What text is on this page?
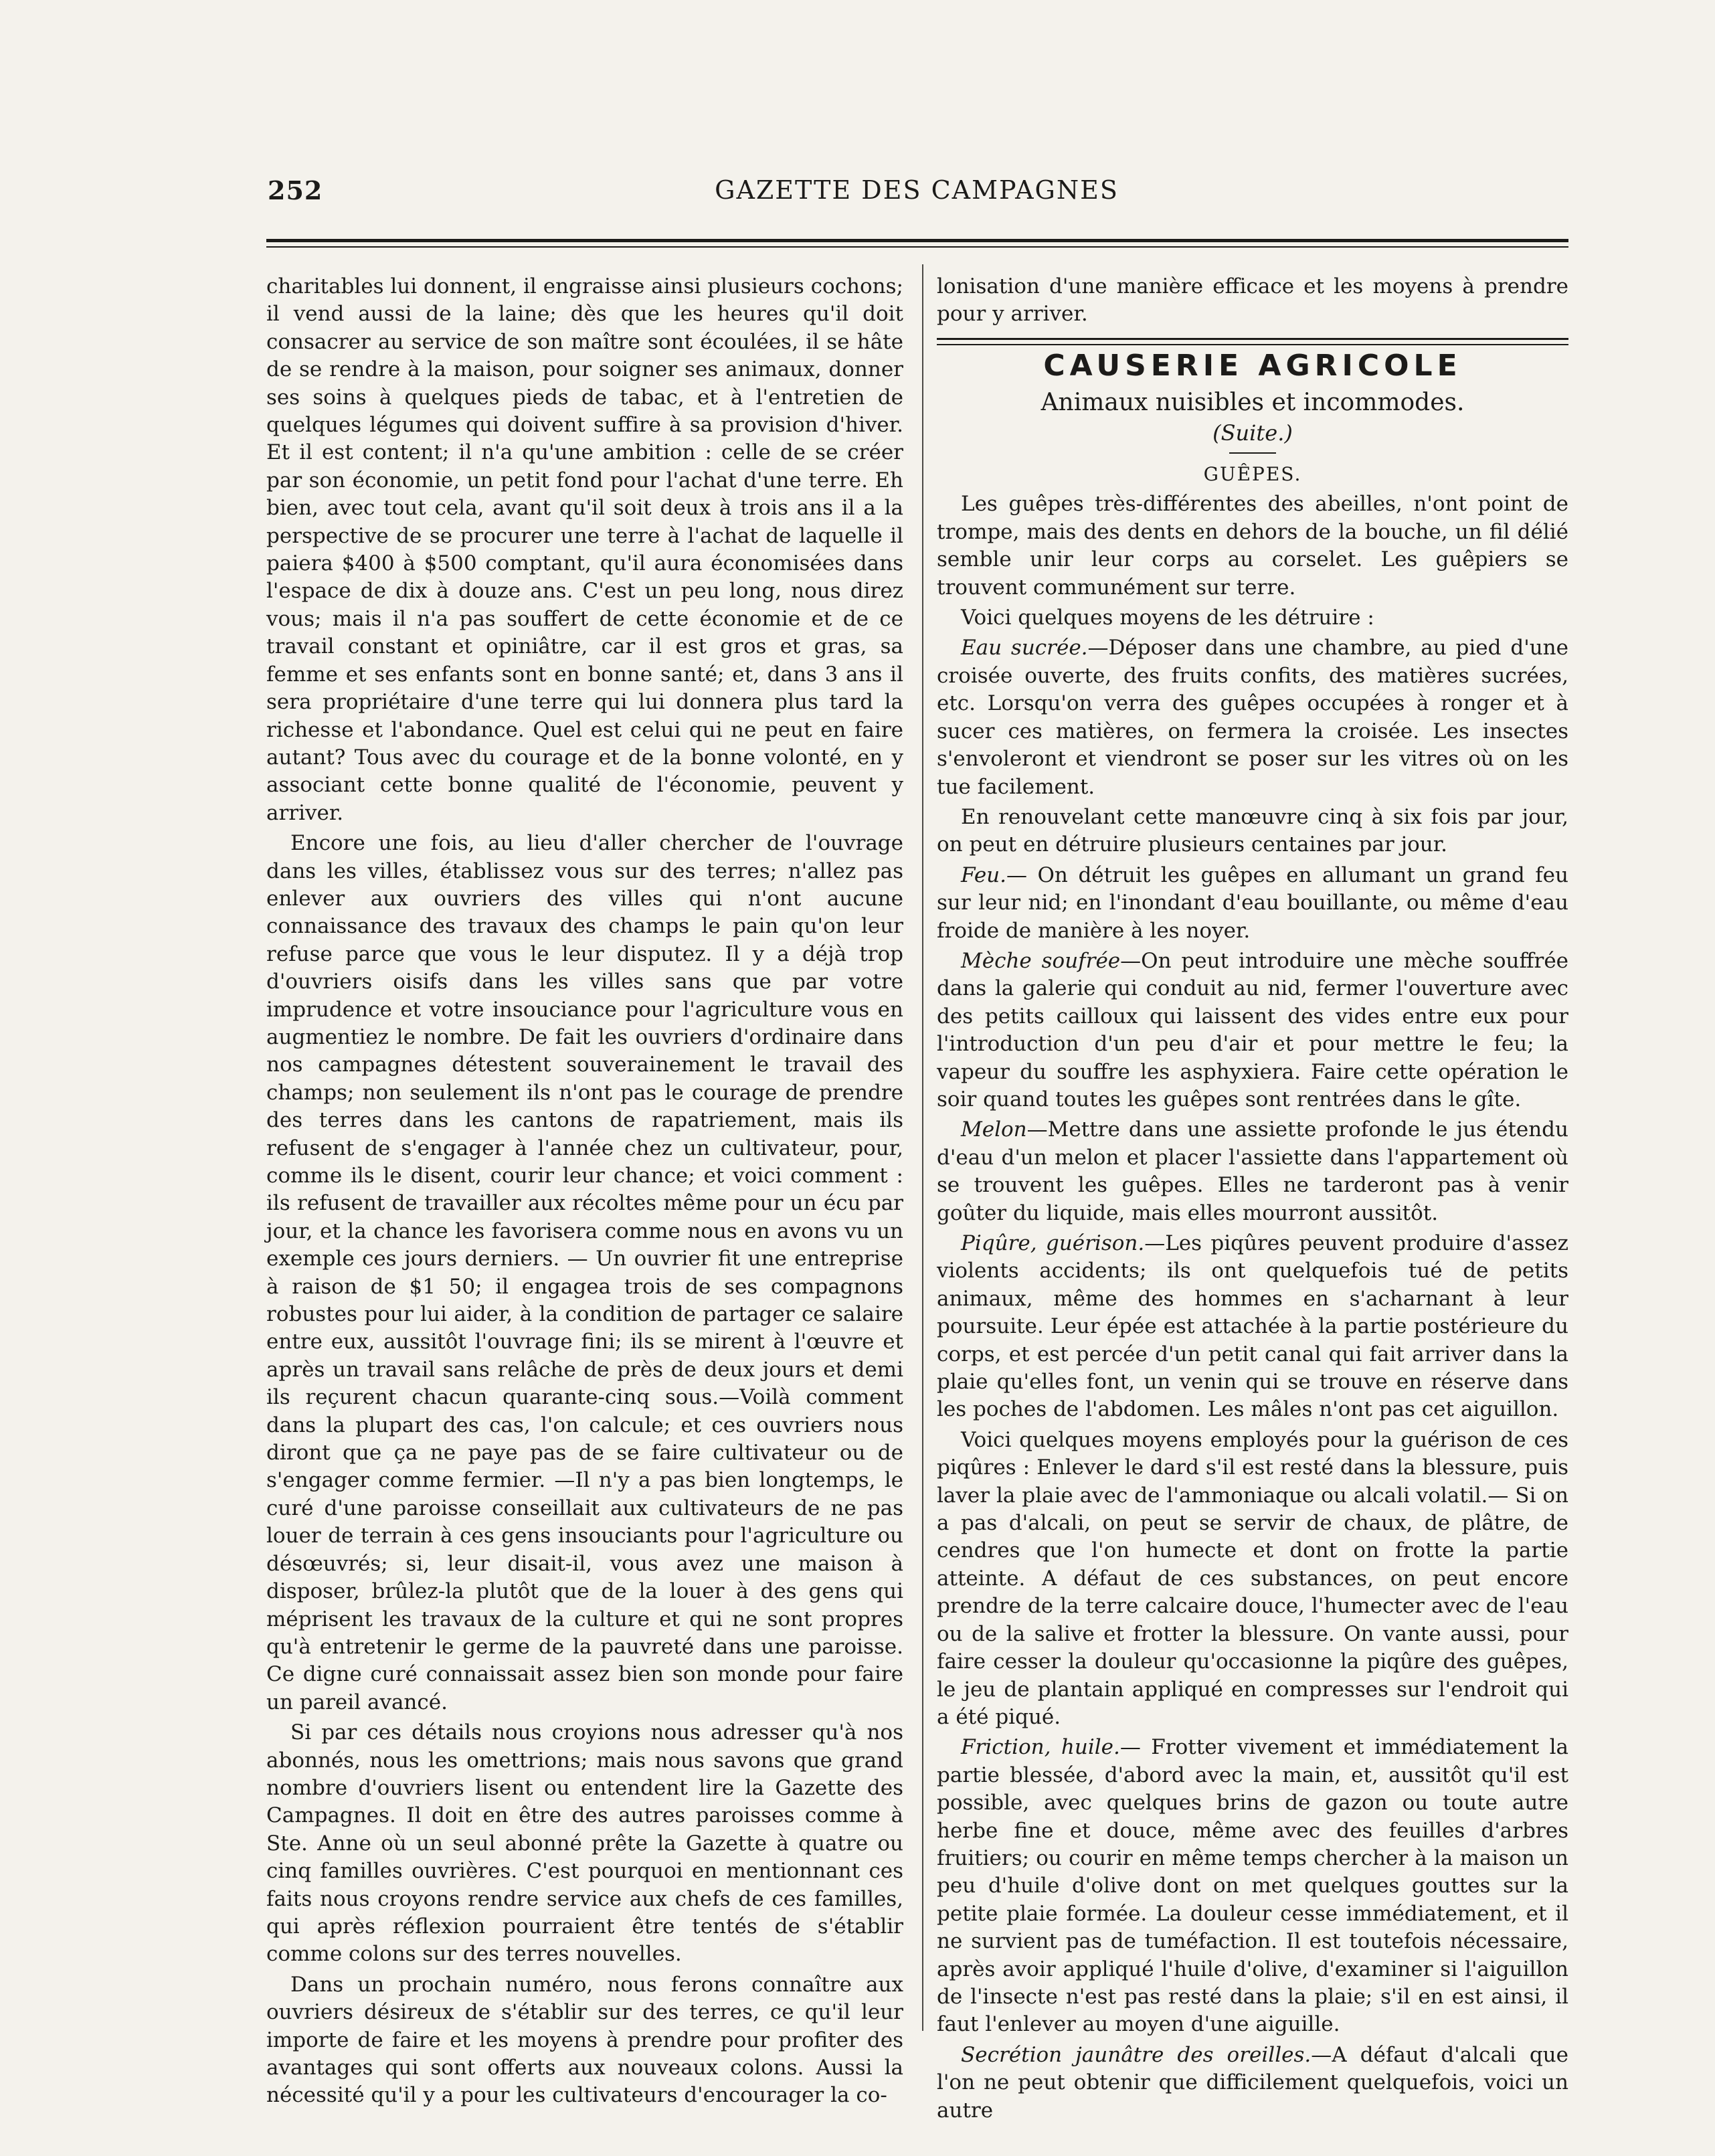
252	GAZETTE DES CAMPAGNES

charitables lui donnent, il engraisse ainsi plusieurs cochons; il vend aussi de la laine; dès que les heures qu'il doit consacrer au service de son maître sont écoulées, il se hâte de se rendre à la maison, pour soigner ses animaux, donner ses soins à quelques pieds de tabac, et à l'entretien de quelques légumes qui doivent suffire à sa provision d'hiver. Et il est content; il n'a qu'une ambition : celle de se créer par son économie, un petit fond pour l'achat d'une terre. Eh bien, avec tout cela, avant qu'il soit deux à trois ans il a la perspective de se procurer une terre à l'achat de laquelle il paiera $400 à $500 comptant, qu'il aura économisées dans l'espace de dix à douze ans. C'est un peu long, nous direz vous; mais il n'a pas souffert de cette économie et de ce travail constant et opiniâtre, car il est gros et gras, sa femme et ses enfants sont en bonne santé; et, dans 3 ans il sera propriétaire d'une terre qui lui donnera plus tard la richesse et l'abondance. Quel est celui qui ne peut en faire autant? Tous avec du courage et de la bonne volonté, en y associant cette bonne qualité de l'économie, peuvent y arriver.

Encore une fois, au lieu d'aller chercher de l'ouvrage dans les villes, établissez vous sur des terres; n'allez pas enlever aux ouvriers des villes qui n'ont aucune connaissance des travaux des champs le pain qu'on leur refuse parce que vous le leur disputez. Il y a déjà trop d'ouvriers oisifs dans les villes sans que par votre imprudence et votre insouciance pour l'agriculture vous en augmentiez le nombre. De fait les ouvriers d'ordinaire dans nos campagnes détestent souverainement le travail des champs; non seulement ils n'ont pas le courage de prendre des terres dans les cantons de rapatriement, mais ils refusent de s'engager à l'année chez un cultivateur, pour, comme ils le disent, courir leur chance; et voici comment : ils refusent de travailler aux récoltes même pour un écu par jour, et la chance les favorisera comme nous en avons vu un exemple ces jours derniers. — Un ouvrier fit une entreprise à raison de $1 50; il engagea trois de ses compagnons robustes pour lui aider, à la condition de partager ce salaire entre eux, aussitôt l'ouvrage fini; ils se mirent à l'œuvre et après un travail sans relâche de près de deux jours et demi ils reçurent chacun quarante-cinq sous.—Voilà comment dans la plupart des cas, l'on calcule; et ces ouvriers nous diront que ça ne paye pas de se faire cultivateur ou de s'engager comme fermier. —Il n'y a pas bien longtemps, le curé d'une paroisse conseillait aux cultivateurs de ne pas louer de terrain à ces gens insouciants pour l'agriculture ou désœuvrés; si, leur disait-il, vous avez une maison à disposer, brûlez-la plutôt que de la louer à des gens qui méprisent les travaux de la culture et qui ne sont propres qu'à entretenir le germe de la pauvreté dans une paroisse. Ce digne curé connaissait assez bien son monde pour faire un pareil avancé.

Si par ces détails nous croyions nous adresser qu'à nos abonnés, nous les omettrions; mais nous savons que grand nombre d'ouvriers lisent ou entendent lire la Gazette des Campagnes. Il doit en être des autres paroisses comme à Ste. Anne où un seul abonné prête la Gazette à quatre ou cinq familles ouvrières. C'est pourquoi en mentionnant ces faits nous croyons rendre service aux chefs de ces familles, qui après réflexion pourraient être tentés de s'établir comme colons sur des terres nouvelles.

Dans un prochain numéro, nous ferons connaître aux ouvriers désireux de s'établir sur des terres, ce qu'il leur importe de faire et les moyens à prendre pour profiter des avantages qui sont offerts aux nouveaux colons. Aussi la nécessité qu'il y a pour les cultivateurs d'encourager la co-

lonisation d'une manière efficace et les moyens à prendre pour y arriver.

CAUSERIE AGRICOLE
Animaux nuisibles et incommodes.
(Suite.)
GUÊPES.

Les guêpes très-différentes des abeilles, n'ont point de trompe, mais des dents en dehors de la bouche, un fil délié semble unir leur corps au corselet. Les guêpiers se trouvent communément sur terre.

Voici quelques moyens de les détruire :

Eau sucrée.—Déposer dans une chambre, au pied d'une croisée ouverte, des fruits confits, des matières sucrées, etc. Lorsqu'on verra des guêpes occupées à ronger et à sucer ces matières, on fermera la croisée. Les insectes s'envoleront et viendront se poser sur les vitres où on les tue facilement.

En renouvelant cette manœuvre cinq à six fois par jour, on peut en détruire plusieurs centaines par jour.

Feu.— On détruit les guêpes en allumant un grand feu sur leur nid; en l'inondant d'eau bouillante, ou même d'eau froide de manière à les noyer.

Mèche soufrée—On peut introduire une mèche souffrée dans la galerie qui conduit au nid, fermer l'ouverture avec des petits cailloux qui laissent des vides entre eux pour l'introduction d'un peu d'air et pour mettre le feu; la vapeur du souffre les asphyxiera. Faire cette opération le soir quand toutes les guêpes sont rentrées dans le gîte.

Melon—Mettre dans une assiette profonde le jus étendu d'eau d'un melon et placer l'assiette dans l'appartement où se trouvent les guêpes. Elles ne tarderont pas à venir goûter du liquide, mais elles mourront aussitôt.

Piqûre, guérison.—Les piqûres peuvent produire d'assez violents accidents; ils ont quelquefois tué de petits animaux, même des hommes en s'acharnant à leur poursuite. Leur épée est attachée à la partie postérieure du corps, et est percée d'un petit canal qui fait arriver dans la plaie qu'elles font, un venin qui se trouve en réserve dans les poches de l'abdomen. Les mâles n'ont pas cet aiguillon.

Voici quelques moyens employés pour la guérison de ces piqûres : Enlever le dard s'il est resté dans la blessure, puis laver la plaie avec de l'ammoniaque ou alcali volatil.— Si on a pas d'alcali, on peut se servir de chaux, de plâtre, de cendres que l'on humecte et dont on frotte la partie atteinte. A défaut de ces substances, on peut encore prendre de la terre calcaire douce, l'humecter avec de l'eau ou de la salive et frotter la blessure. On vante aussi, pour faire cesser la douleur qu'occasionne la piqûre des guêpes, le jeu de plantain appliqué en compresses sur l'endroit qui a été piqué.

Friction, huile.— Frotter vivement et immédiatement la partie blessée, d'abord avec la main, et, aussitôt qu'il est possible, avec quelques brins de gazon ou toute autre herbe fine et douce, même avec des feuilles d'arbres fruitiers; ou courir en même temps chercher à la maison un peu d'huile d'olive dont on met quelques gouttes sur la petite plaie formée. La douleur cesse immédiatement, et il ne survient pas de tuméfaction. Il est toutefois nécessaire, après avoir appliqué l'huile d'olive, d'examiner si l'aiguillon de l'insecte n'est pas resté dans la plaie; s'il en est ainsi, il faut l'enlever au moyen d'une aiguille.

Secrétion jaunâtre des oreilles.—A défaut d'alcali que l'on ne peut obtenir que difficilement quelquefois, voici un autre
